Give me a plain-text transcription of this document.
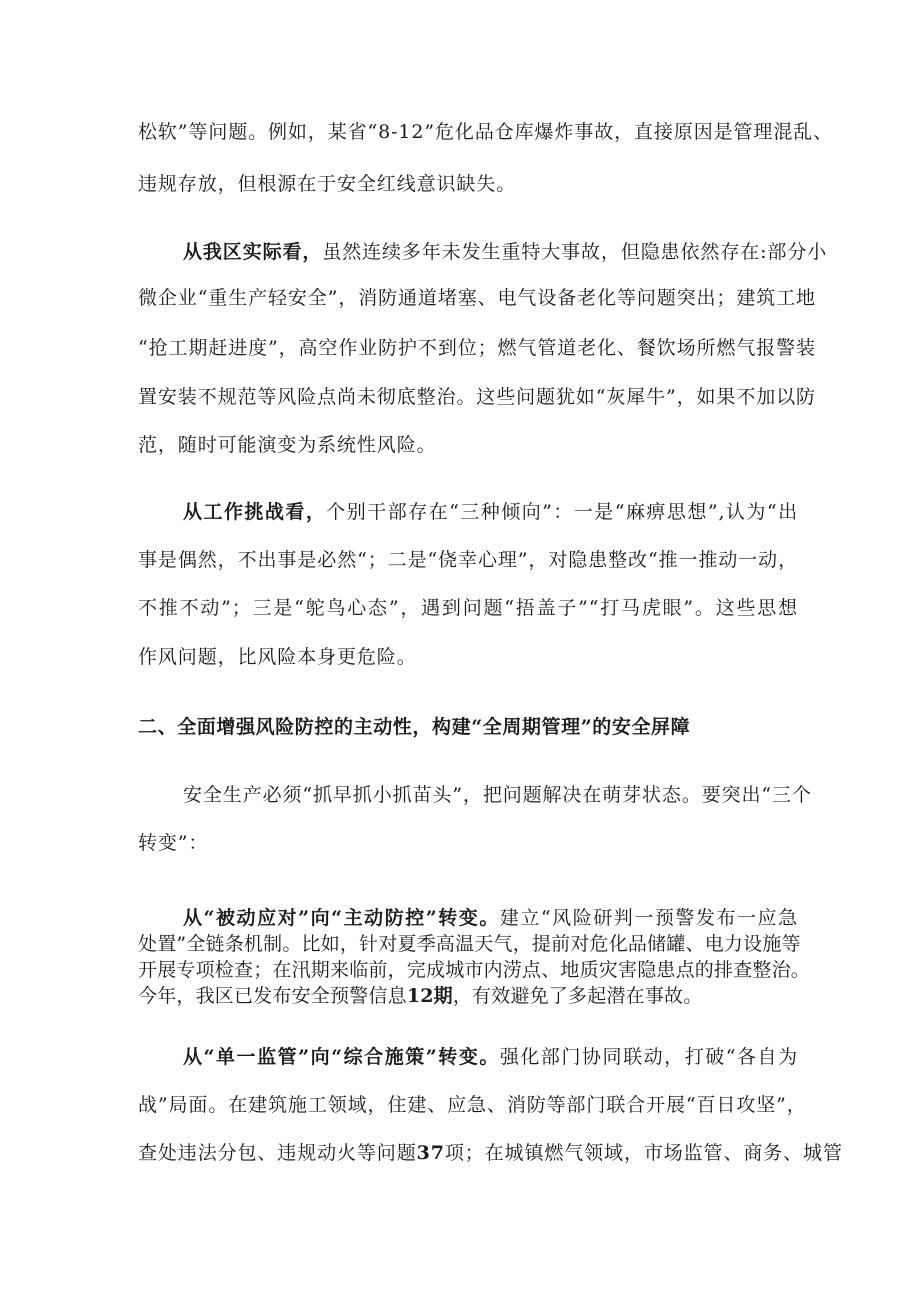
松软”等问题。例如，某省“8-12”危化品仓库爆炸事故，直接原因是管理混乱、
违规存放，但根源在于安全红线意识缺失。
从我区实际看，虽然连续多年未发生重特大事故，但隐患依然存在:部分小
微企业“重生产轻安全”，消防通道堵塞、电气设备老化等问题突出；建筑工地
“抢工期赶进度”，高空作业防护不到位；燃气管道老化、餐饮场所燃气报警装
置安装不规范等风险点尚未彻底整治。这些问题犹如“灰犀牛”，如果不加以防
范，随时可能演变为系统性风险。
从工作挑战看，个别干部存在“三种倾向”：一是“麻痹思想”,认为“出
事是偶然，不出事是必然“；二是“侥幸心理”，对隐患整改“推一推动一动，
不推不动”；三是“鸵鸟心态”，遇到问题“捂盖子”“打马虎眼”。这些思想
作风问题，比风险本身更危险。
二、全面增强风险防控的主动性，构建“全周期管理”的安全屏障
安全生产必须“抓早抓小抓苗头”，把问题解决在萌芽状态。要突出“三个
转变”：
从“被动应对”向“主动防控”转变。建立“风险研判一预警发布一应急
处置”全链条机制。比如，针对夏季高温天气，提前对危化品储罐、电力设施等
开展专项检查；在汛期来临前，完成城市内涝点、地质灾害隐患点的排查整治。
今年，我区已发布安全预警信息12期，有效避免了多起潜在事故。
从“单一监管”向“综合施策”转变。强化部门协同联动，打破“各自为
战”局面。在建筑施工领域，住建、应急、消防等部门联合开展“百日攻坚”，
查处违法分包、违规动火等问题37项；在城镇燃气领域，市场监管、商务、城管
